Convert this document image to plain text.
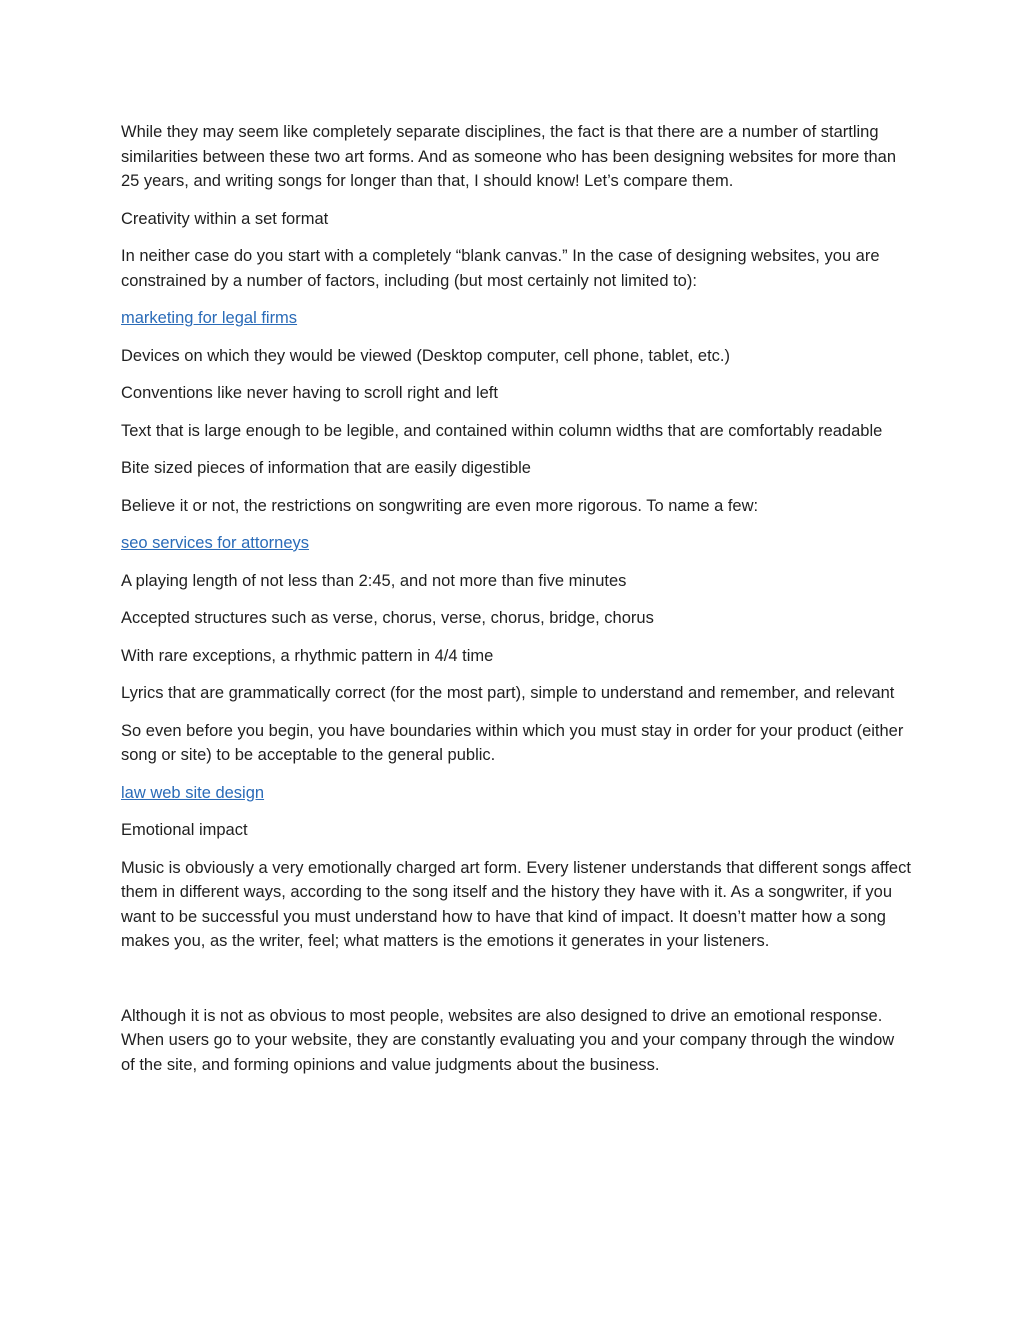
While they may seem like completely separate disciplines, the fact is that there are a number of startling similarities between these two art forms. And as someone who has been designing websites for more than 25 years, and writing songs for longer than that, I should know! Let’s compare them.

Creativity within a set format

In neither case do you start with a completely “blank canvas.” In the case of designing websites, you are constrained by a number of factors, including (but most certainly not limited to):

marketing for legal firms

Devices on which they would be viewed (Desktop computer, cell phone, tablet, etc.)

Conventions like never having to scroll right and left

Text that is large enough to be legible, and contained within column widths that are comfortably readable

Bite sized pieces of information that are easily digestible

Believe it or not, the restrictions on songwriting are even more rigorous. To name a few:

seo services for attorneys

A playing length of not less than 2:45, and not more than five minutes

Accepted structures such as verse, chorus, verse, chorus, bridge, chorus

With rare exceptions, a rhythmic pattern in 4/4 time

Lyrics that are grammatically correct (for the most part), simple to understand and remember, and relevant

So even before you begin, you have boundaries within which you must stay in order for your product (either song or site) to be acceptable to the general public.

law web site design

Emotional impact

Music is obviously a very emotionally charged art form. Every listener understands that different songs affect them in different ways, according to the song itself and the history they have with it. As a songwriter, if you want to be successful you must understand how to have that kind of impact. It doesn’t matter how a song makes you, as the writer, feel; what matters is the emotions it generates in your listeners.

Although it is not as obvious to most people, websites are also designed to drive an emotional response. When users go to your website, they are constantly evaluating you and your company through the window of the site, and forming opinions and value judgments about the business.
